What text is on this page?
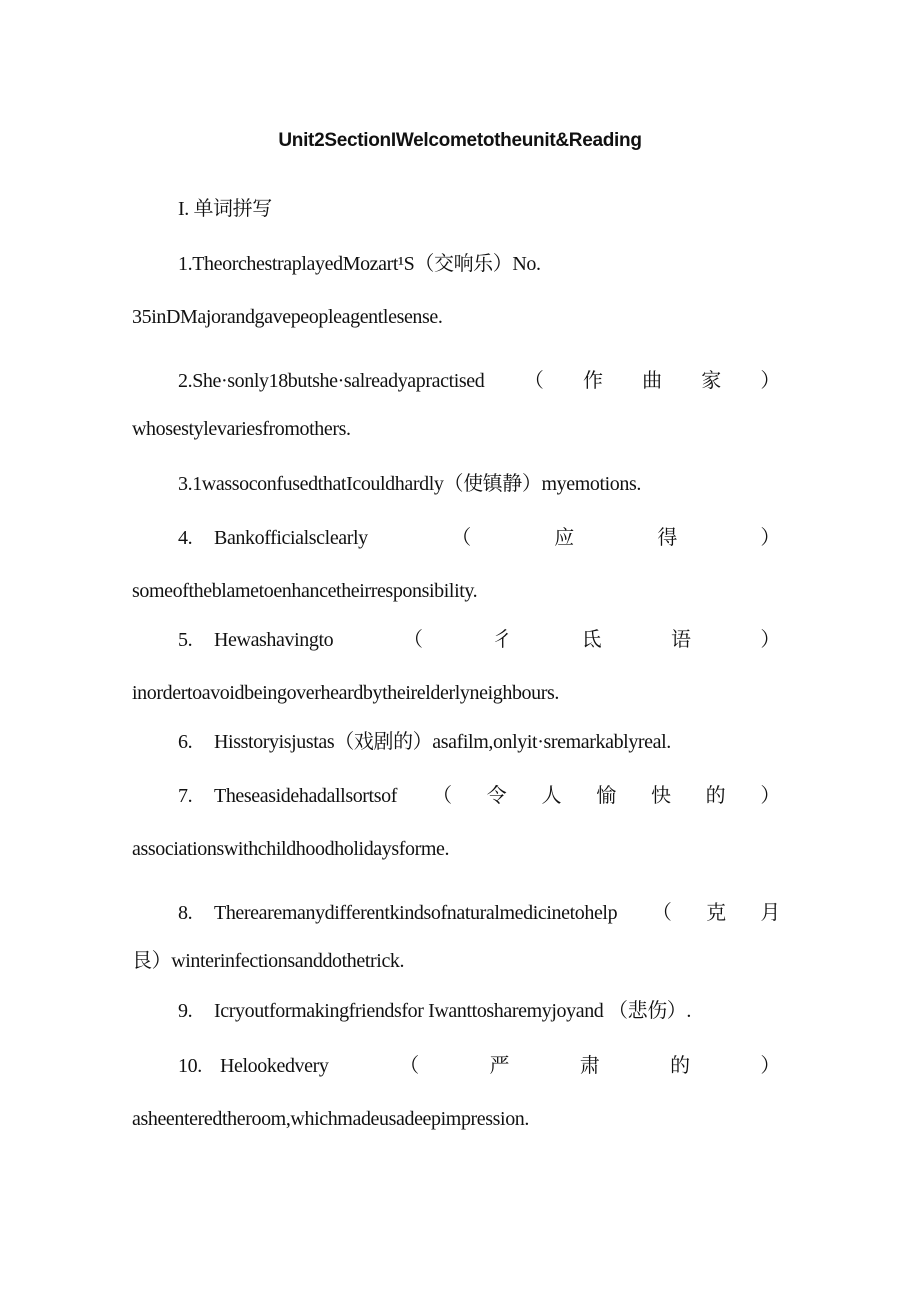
Unit2SectionIWelcometotheunit&Reading
I. 单词拼写
1.TheorchestraplayedMozart¹S（交响乐）No.
35inDMajorandgavepeopleagentlesense.
2.She·sonly18butshe·salreadyapractised （ 作 曲 家 ）
whosestylevariesfromothers.
3.1wassoconfusedthatIcouldhardly（使镇静）myemotions.
4. Bankofficialsclearly	（	应	得	）
someoftheblametoenhancetheirresponsibility.
5. Hewashavingto	（	彳	氐	语	）
inordertoavoidbeingoverheardbytheirelderlyneighbours.
6. Hisstoryisjustas（戏剧的）asafilm,onlyit·sremarkablyreal.
7. Theseasidehadallsortsof （ 令 人 愉 快 的 ）
associationswithchildhoodholidaysforme.
8. Therearemanydifferentkindsofnaturalmedicinetohelp （ 克 月
艮）winterinfectionsanddothetrick.
9. Icryoutformakingfriendsfor Iwanttosharemyjoyand （悲伤）.
10. Helookedvery	（	严	肃	的	）
asheenteredtheroom,whichmadeusadeepimpression.
